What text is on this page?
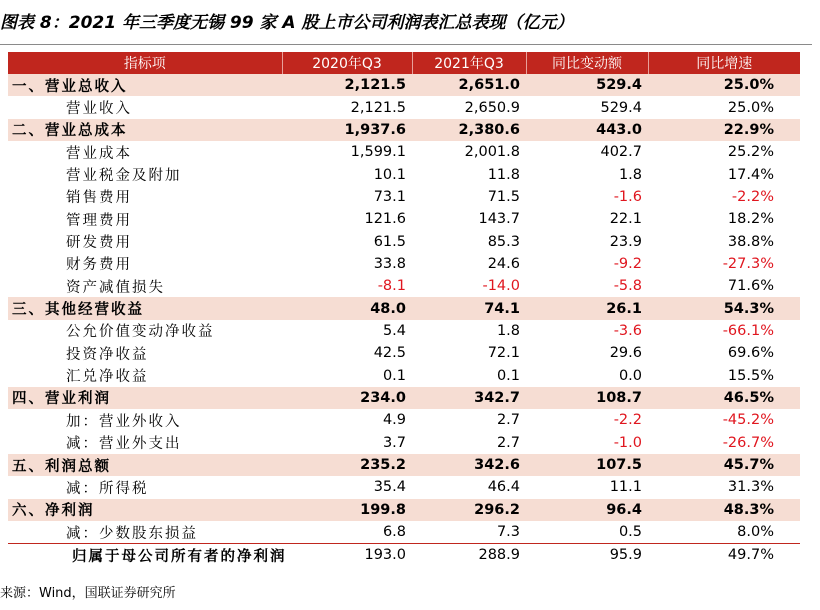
图表 8：2021 年三季度无锡 99 家 A 股上市公司利润表汇总表现（亿元）
指标项	2020年Q3	2021年Q3	同比变动额	同比增速
一、营业总收入	2,121.5	2,651.0	529.4	25.0%
营业收入	2,121.5	2,650.9	529.4	25.0%
二、营业总成本	1,937.6	2,380.6	443.0	22.9%
营业成本	1,599.1	2,001.8	402.7	25.2%
营业税金及附加	10.1	11.8	1.8	17.4%
销售费用	73.1	71.5	-1.6	-2.2%
管理费用	121.6	143.7	22.1	18.2%
研发费用	61.5	85.3	23.9	38.8%
财务费用	33.8	24.6	-9.2	-27.3%
资产减值损失	-8.1	-14.0	-5.8	71.6%
三、其他经营收益	48.0	74.1	26.1	54.3%
公允价值变动净收益	5.4	1.8	-3.6	-66.1%
投资净收益	42.5	72.1	29.6	69.6%
汇兑净收益	0.1	0.1	0.0	15.5%
四、营业利润	234.0	342.7	108.7	46.5%
加：营业外收入	4.9	2.7	-2.2	-45.2%
减：营业外支出	3.7	2.7	-1.0	-26.7%
五、利润总额	235.2	342.6	107.5	45.7%
减：所得税	35.4	46.4	11.1	31.3%
六、净利润	199.8	296.2	96.4	48.3%
减：少数股东损益	6.8	7.3	0.5	8.0%
归属于母公司所有者的净利润	193.0	288.9	95.9	49.7%
来源：Wind，国联证券研究所
